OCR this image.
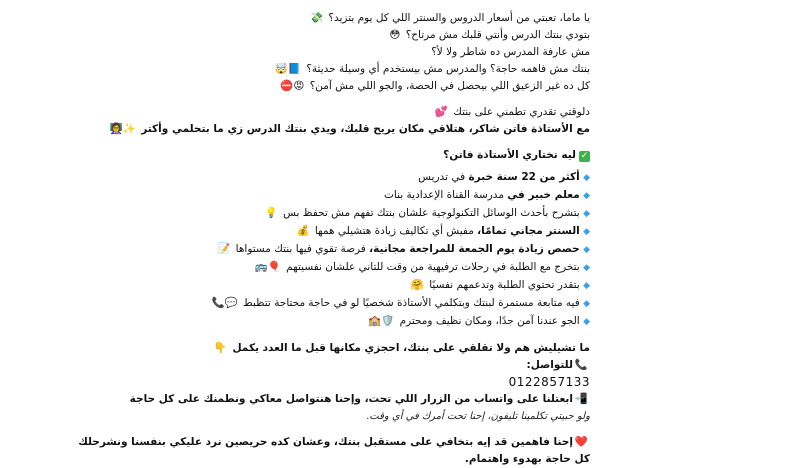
يا ماما، تعبتي من أسعار الدروس والسنتر اللي كل يوم بتزيد؟ 💸
بتودي بنتك الدرس وأنتي قلبك مش مرتاح؟ 😳
مش عارفة المدرس ده شاطر ولا لأ؟
بنتك مش فاهمه حاجة؟ والمدرس مش بيستخدم أي وسيلة حديثة؟ 📘🤯
كل ده غير الزعيق اللي بيحصل في الحصة، والجو اللي مش آمن؟ 😡⛔
دلوقتي تقدري تطمني على بنتك 💕
مع الأستاذة فاتن شاكر، هتلاقي مكان يريح قلبك، ويدي بنتك الدرس زي ما بتحلمي وأكتر ✨👩‍🏫
✓ليه تختاري الأستاذة فاتن؟
◆ أكثر من 22 سنة خبرة في تدريس
◆ معلم خبير في مدرسة القناة الإعدادية بنات
◆ بتشرح بأحدث الوسائل التكنولوجية علشان بنتك تفهم مش تحفظ بس 💡
◆ السنتر مجاني تمامًا، مفيش أي تكاليف زيادة هتشيلي همها 💰
◆ حصص زيادة يوم الجمعة للمراجعة مجانية، فرصة تقوي فيها بنتك مستواها 📝
◆ بتخرج مع الطلبة في رحلات ترفيهية من وقت للتاني علشان نفسيتهم 🎈🚌
◆ بتقدر تحتوي الطلبة وتدعمهم نفسيًا 🤗
◆ فيه متابعة مستمرة لبنتك وبتكلمي الأستاذة شخصيًا لو في حاجة محتاجة تتظبط 💬📞
◆ الجو عندنا آمن جدًا، ومكان نظيف ومحترم 🛡️🏫
ما تشيليش هم ولا تقلقي على بنتك، احجزي مكانها قبل ما العدد يكمل 👇
📞للتواصل:
0122857133
📲ابعتلنا على واتساب من الزرار اللي تحت، وإحنا هنتواصل معاكي ونطمنك على كل حاجة
ولو حبيتي تكلمينا تليفون، إحنا تحت أمرك في أي وقت.
❤️إحنا فاهمين قد إيه بتخافي على مستقبل بنتك، وعشان كده حريصين نرد عليكي بنفسنا ونشرحلك
كل حاجة بهدوء واهتمام.
